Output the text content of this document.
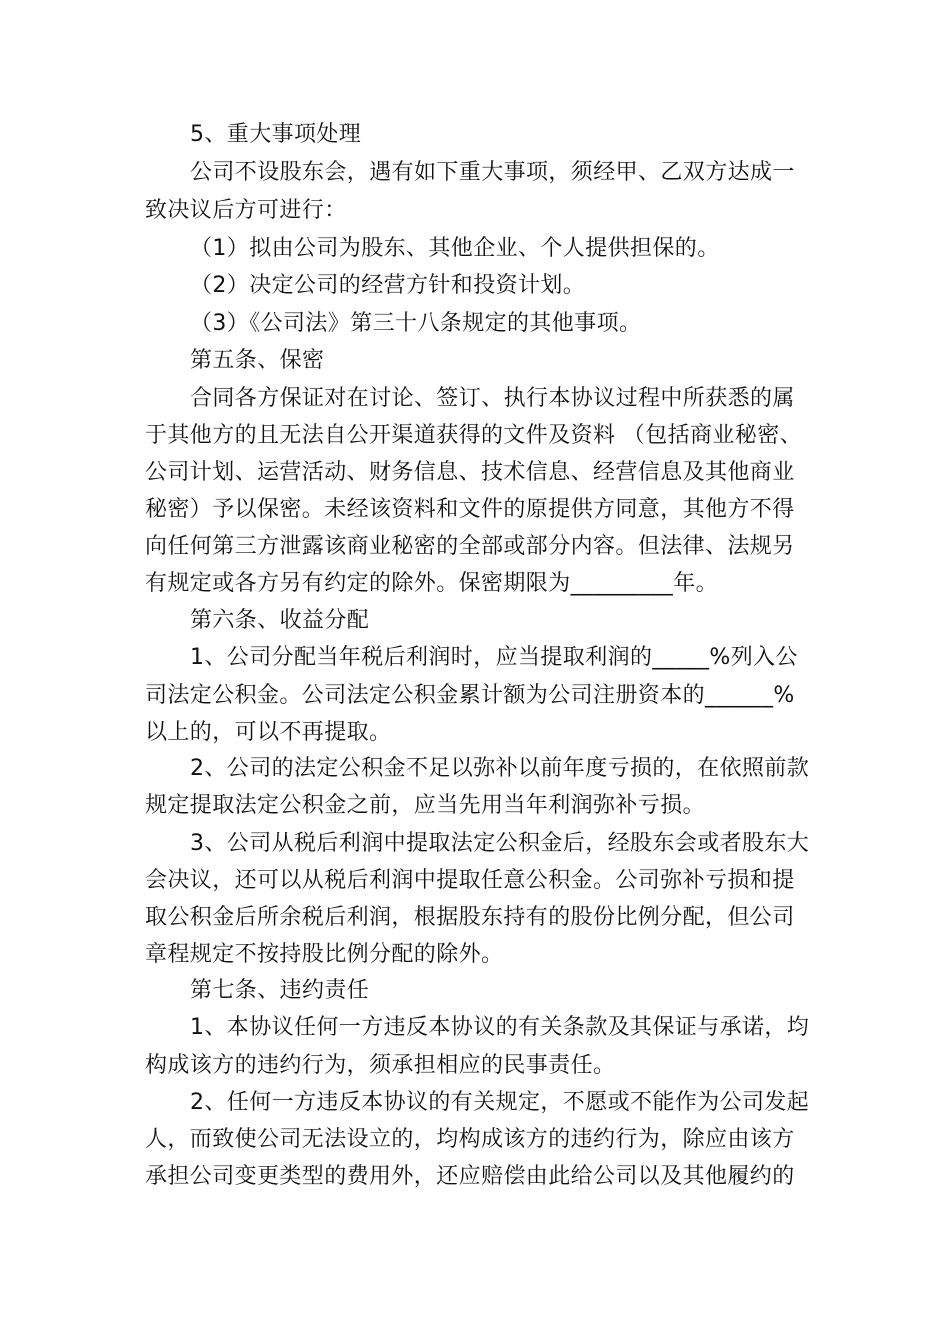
5、重大事项处理
公司不设股东会，遇有如下重大事项，须经甲、乙双方达成一
致决议后方可进行：
（1）拟由公司为股东、其他企业、个人提供担保的。
（2）决定公司的经营方针和投资计划。
（3）《公司法》第三十八条规定的其他事项。
第五条、保密
合同各方保证对在讨论、签订、执行本协议过程中所获悉的属
于其他方的且无法自公开渠道获得的文件及资料 （包括商业秘密、
公司计划、运营活动、财务信息、技术信息、经营信息及其他商业
秘密）予以保密。未经该资料和文件的原提供方同意，其他方不得
向任何第三方泄露该商业秘密的全部或部分内容。但法律、法规另
有规定或各方另有约定的除外。保密期限为_________年。
第六条、收益分配
1、公司分配当年税后利润时，应当提取利润的_____%列入公
司法定公积金。公司法定公积金累计额为公司注册资本的______%
以上的，可以不再提取。
2、公司的法定公积金不足以弥补以前年度亏损的，在依照前款
规定提取法定公积金之前，应当先用当年利润弥补亏损。
3、公司从税后利润中提取法定公积金后，经股东会或者股东大
会决议，还可以从税后利润中提取任意公积金。公司弥补亏损和提
取公积金后所余税后利润，根据股东持有的股份比例分配，但公司
章程规定不按持股比例分配的除外。
第七条、违约责任
1、本协议任何一方违反本协议的有关条款及其保证与承诺，均
构成该方的违约行为，须承担相应的民事责任。
2、任何一方违反本协议的有关规定，不愿或不能作为公司发起
人，而致使公司无法设立的，均构成该方的违约行为，除应由该方
承担公司变更类型的费用外，还应赔偿由此给公司以及其他履约的
